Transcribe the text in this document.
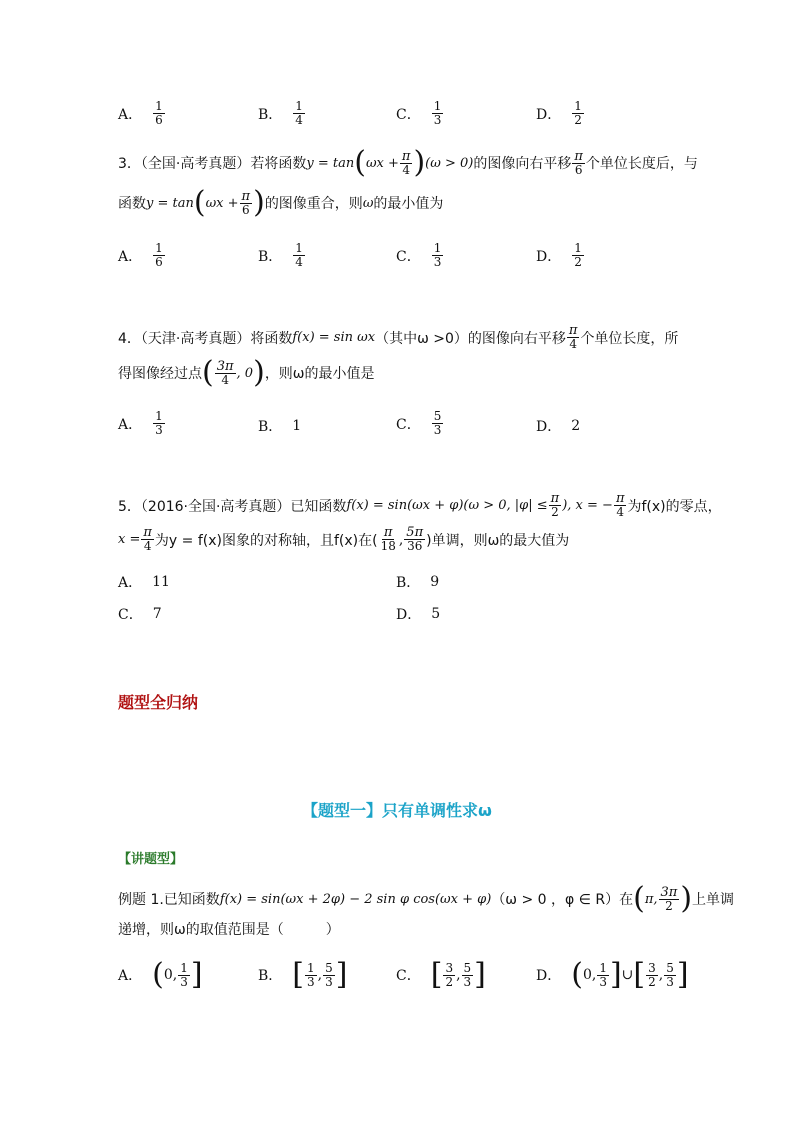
A． $\frac{1}{6}$	B． $\frac{1}{4}$	C． $\frac{1}{3}$	D． $\frac{1}{2}$
3．（全国·高考真题）若将函数 y = tan ( $\omega x + \frac{\pi}{4}$ ) (ω > 0) 的图像向右平移 $\frac{\pi}{6}$ 个单位长度后，与
函数 y = tan ( $\omega x + \frac{\pi}{6}$ ) 的图像重合，则 ω 的最小值为
A． $\frac{1}{6}$	B． $\frac{1}{4}$	C． $\frac{1}{3}$	D． $\frac{1}{2}$
4．（天津·高考真题）将函数 f(x) = sin ωx （其中ω >0）的图像向右平移 $\frac{\pi}{4}$ 个单位长度，所
得图像经过点 ( $\frac{3\pi}{4}$ , 0 ) ，则ω的最小值是
A． $\frac{1}{3}$	B． 1	C． $\frac{5}{3}$	D． 2
5．（2016·全国·高考真题）已知函数 f(x) = sin(ωx + φ)(ω > 0, $|\varphi| \le \frac{\pi}{2}$ ), x = − $\frac{\pi}{4}$ 为f(x)的零点，
$x = \frac{\pi}{4}$ 为y = f(x)图象的对称轴，且f(x)在( $\frac{\pi}{18}$ , $\frac{5\pi}{36}$ )单调，则ω的最大值为
A． 11	B． 9
C． 7	D． 5
题型全归纳
【题型一】只有单调性求ω
【讲题型】
例题 1.已知函数 f(x) = sin(ωx + 2φ) − 2 sin φ cos(ωx + φ) （ω > 0 ，φ ∈ R）在 ( π, $\frac{3\pi}{2}$ ) 上单调
递增，则ω的取值范围是（　　　）
A． ( 0, $\frac{1}{3}$ ]	B． [ $\frac{1}{3}$ , $\frac{5}{3}$ ]	C． [ $\frac{3}{2}$ , $\frac{5}{3}$ ]	D． ( 0, $\frac{1}{3}$ ] ∪ [ $\frac{3}{2}$ , $\frac{5}{3}$ ]
